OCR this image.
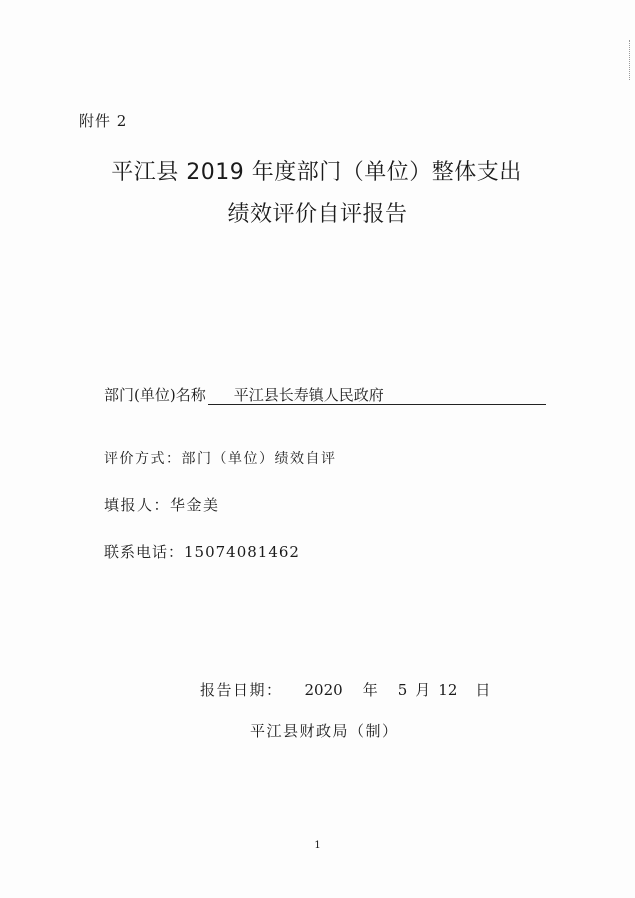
附件 2
平江县 2019 年度部门（单位）整体支出
绩效评价自评报告
部门(单位)名称 平江县长寿镇人民政府
评价方式：部门（单位）绩效自评
填报人：华金美
联系电话：15074081462
报告日期： 2020 年 5 月 12 日
平江县财政局（制）
1
